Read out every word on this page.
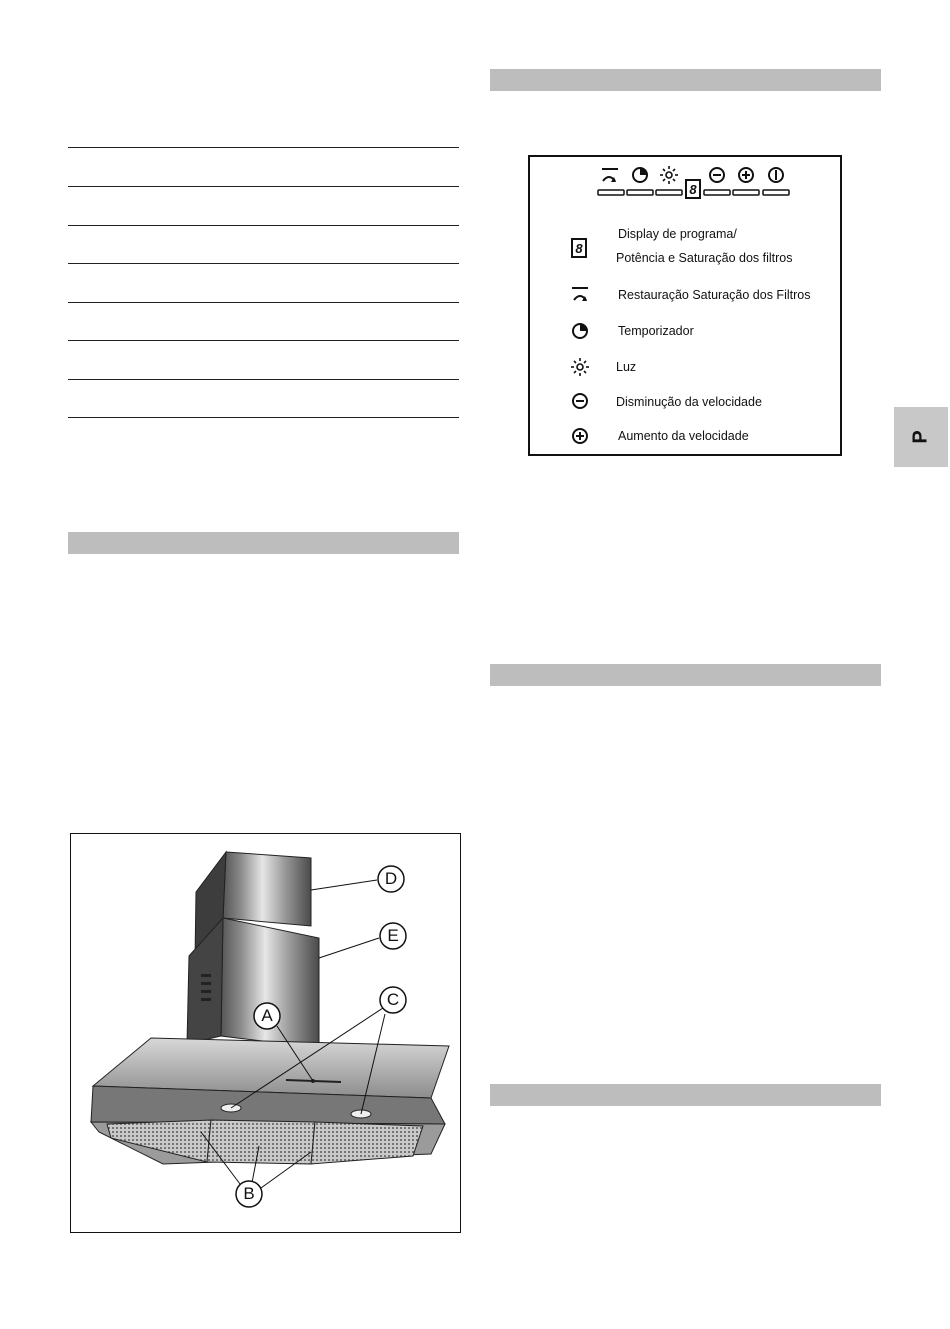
P
8
8
Display de programa/
Potência e Saturação dos filtros
Restauração Saturação dos Filtros
Temporizador
Luz
Disminução da velocidade
Aumento da velocidade
D
E
C
A
B
